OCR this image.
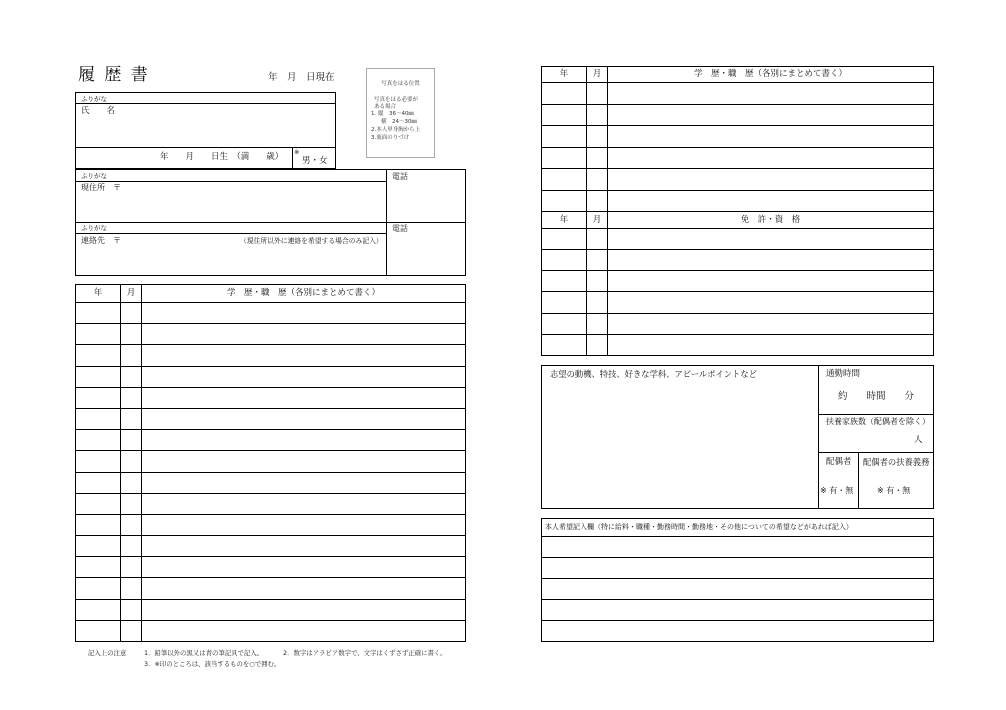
履 歴 書	年　月　日現在
写真をはる位置
写真をはる必要が
ある場合
1. 縦　36～40㎜
横　24～30㎜
2.本人単身胸から上
3.裏面のりづけ
ふりがな
氏　　名
年　　月　　日生　（満　　歳） ※
男・女
ふりがな
現住所　〒
電話
ふりがな
連絡先　〒	（現住所以外に連絡を希望する場合のみ記入）
電話
年	月	学　歴・職　歴（各別にまとめて書く）
記入上の注意	1．鉛筆以外の黒又は青の筆記具で記入。	2．数字はアラビア数字で、文字はくずさず正確に書く。
3．※印のところは、該当するものを○で囲む。
年	月	学　歴・職　歴（各別にまとめて書く）
年	月	免　許・資　格
志望の動機、特技、好きな学科、アピールポイントなど	通勤時間
約　　時間　　分
扶養家族数（配偶者を除く）
人
配偶者 配偶者の扶養義務
※ 有・無	※ 有・無
本人希望記入欄（特に給料・職種・勤務時間・勤務地・その他についての希望などがあれば記入）
